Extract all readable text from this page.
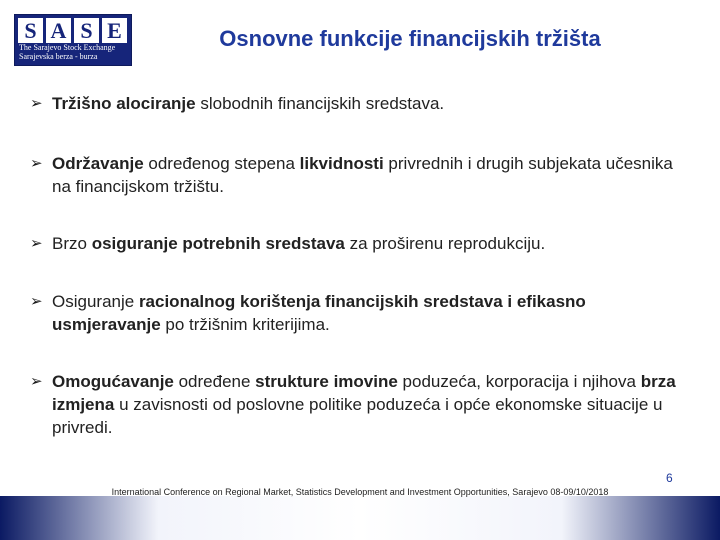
S A S E
The Sarajevo Stock Exchange
Sarajevska berza - burza
Osnovne funkcije financijskih tržišta
➢ Tržišno alociranje slobodnih financijskih sredstava.
➢ Održavanje određenog stepena likvidnosti privrednih i drugih subjekata učesnika na financijskom tržištu.
➢ Brzo osiguranje potrebnih sredstava za proširenu reprodukciju.
➢ Osiguranje racionalnog korištenja financijskih sredstava i efikasno usmjeravanje po tržišnim kriterijima.
➢ Omogućavanje određene strukture imovine poduzeća, korporacija i njihova brza izmjena u zavisnosti od poslovne politike poduzeća i opće ekonomske situacije u privredi.
6
International Conference on Regional Market, Statistics Development and Investment Opportunities, Sarajevo 08-09/10/2018
